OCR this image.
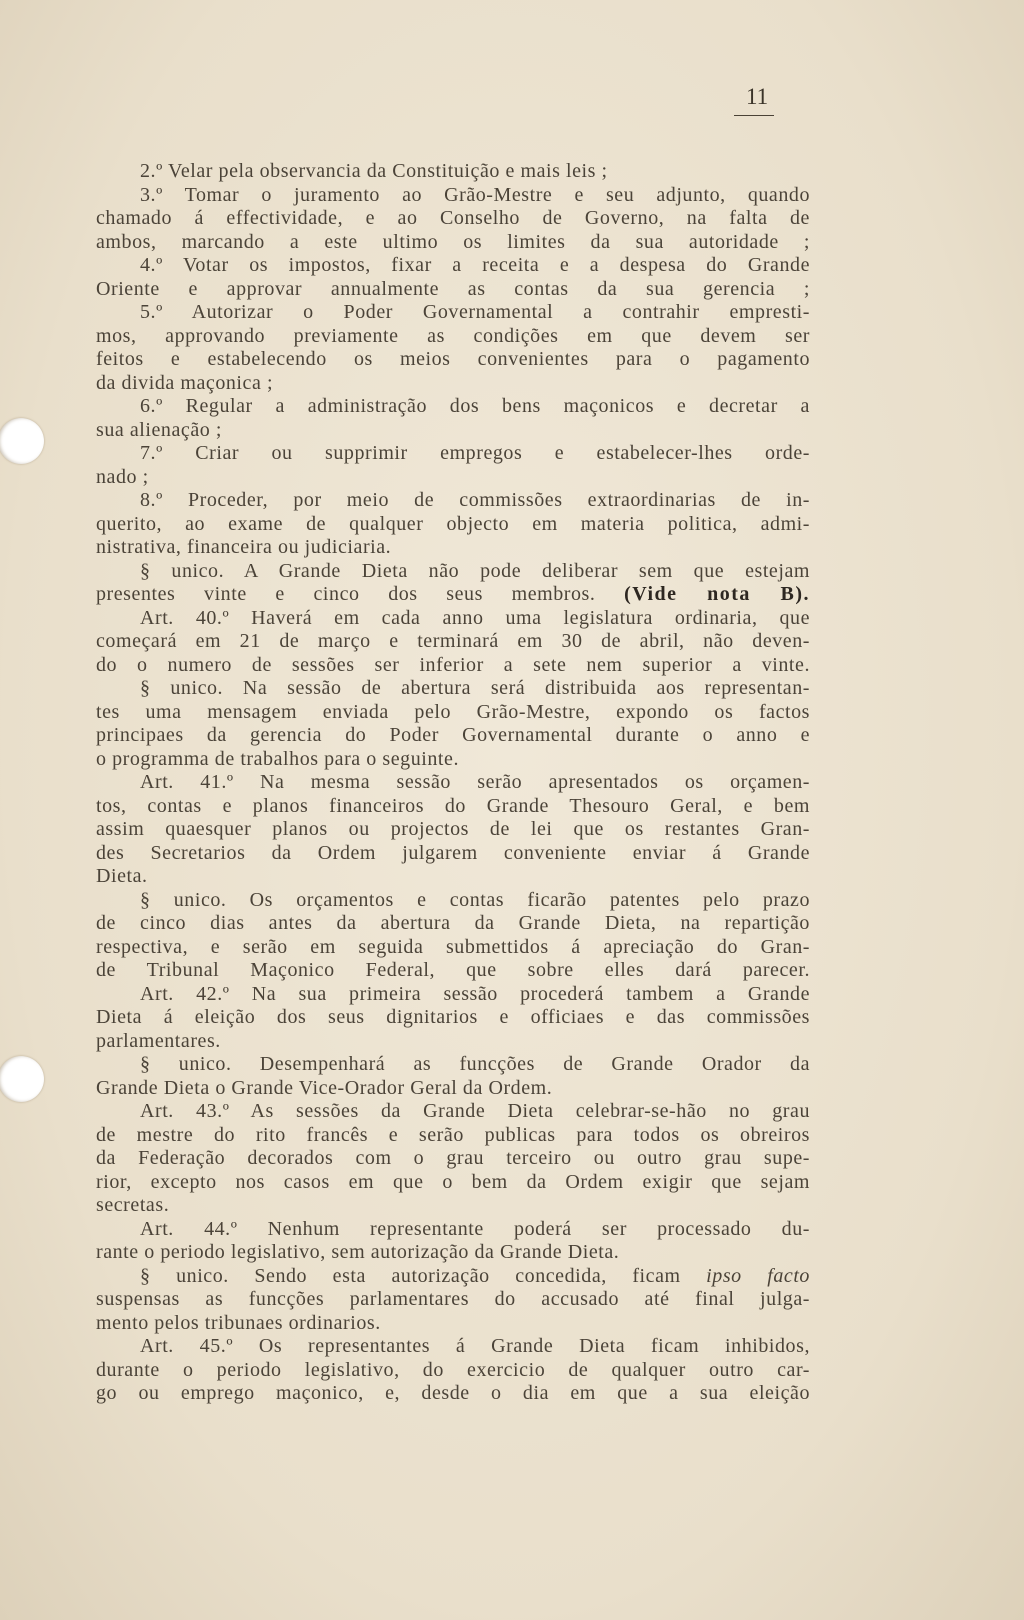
11
2.º Velar pela observancia da Constituição e mais leis ;
3.º Tomar o juramento ao Grão-Mestre e seu adjunto, quando
chamado á effectividade, e ao Conselho de Governo, na falta de
ambos, marcando a este ultimo os limites da sua autoridade ;
4.º Votar os impostos, fixar a receita e a despesa do Grande
Oriente e approvar annualmente as contas da sua gerencia ;
5.º Autorizar o Poder Governamental a contrahir empresti-
mos, approvando previamente as condições em que devem ser
feitos e estabelecendo os meios convenientes para o pagamento
da divida maçonica ;
6.º Regular a administração dos bens maçonicos e decretar a
sua alienação ;
7.º Criar ou supprimir empregos e estabelecer-lhes orde-
nado ;
8.º Proceder, por meio de commissões extraordinarias de in-
querito, ao exame de qualquer objecto em materia politica, admi-
nistrativa, financeira ou judiciaria.
§ unico. A Grande Dieta não pode deliberar sem que estejam
presentes vinte e cinco dos seus membros. (Vide nota B).
Art. 40.º Haverá em cada anno uma legislatura ordinaria, que
começará em 21 de março e terminará em 30 de abril, não deven-
do o numero de sessões ser inferior a sete nem superior a vinte.
§ unico. Na sessão de abertura será distribuida aos representan-
tes uma mensagem enviada pelo Grão-Mestre, expondo os factos
principaes da gerencia do Poder Governamental durante o anno e
o programma de trabalhos para o seguinte.
Art. 41.º Na mesma sessão serão apresentados os orçamen-
tos, contas e planos financeiros do Grande Thesouro Geral, e bem
assim quaesquer planos ou projectos de lei que os restantes Gran-
des Secretarios da Ordem julgarem conveniente enviar á Grande
Dieta.
§ unico. Os orçamentos e contas ficarão patentes pelo prazo
de cinco dias antes da abertura da Grande Dieta, na repartição
respectiva, e serão em seguida submettidos á apreciação do Gran-
de Tribunal Maçonico Federal, que sobre elles dará parecer.
Art. 42.º Na sua primeira sessão procederá tambem a Grande
Dieta á eleição dos seus dignitarios e officiaes e das commissões
parlamentares.
§ unico. Desempenhará as funcções de Grande Orador da
Grande Dieta o Grande Vice-Orador Geral da Ordem.
Art. 43.º As sessões da Grande Dieta celebrar-se-hão no grau
de mestre do rito francês e serão publicas para todos os obreiros
da Federação decorados com o grau terceiro ou outro grau supe-
rior, excepto nos casos em que o bem da Ordem exigir que sejam
secretas.
Art. 44.º Nenhum representante poderá ser processado du-
rante o periodo legislativo, sem autorização da Grande Dieta.
§ unico. Sendo esta autorização concedida, ficam ipso facto
suspensas as funcções parlamentares do accusado até final julga-
mento pelos tribunaes ordinarios.
Art. 45.º Os representantes á Grande Dieta ficam inhibidos,
durante o periodo legislativo, do exercicio de qualquer outro car-
go ou emprego maçonico, e, desde o dia em que a sua eleição
